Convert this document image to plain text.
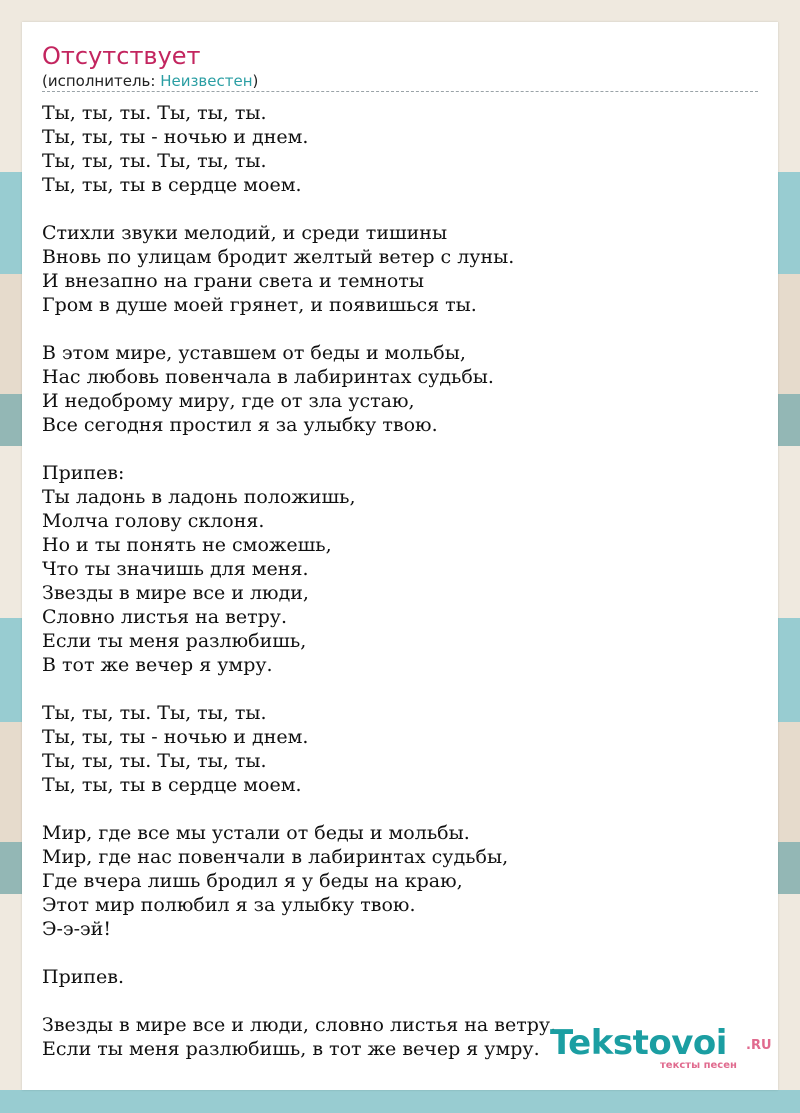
Отсутствует
(исполнитель: Неизвестен)
Ты, ты, ты. Ты, ты, ты.
Ты, ты, ты - ночью и днем.
Ты, ты, ты. Ты, ты, ты.
Ты, ты, ты в сердце моем.
Стихли звуки мелодий, и среди тишины
Вновь по улицам бродит желтый ветер с луны.
И внезапно на грани света и темноты
Гром в душе моей грянет, и появишься ты.
В этом мире, уставшем от беды и мольбы,
Нас любовь повенчала в лабиринтах судьбы.
И недоброму миру, где от зла устаю,
Все сегодня простил я за улыбку твою.
Припев:
Ты ладонь в ладонь положишь,
Молча голову склоня.
Но и ты понять не сможешь,
Что ты значишь для меня.
Звезды в мире все и люди,
Словно листья на ветру.
Если ты меня разлюбишь,
В тот же вечер я умру.
Ты, ты, ты. Ты, ты, ты.
Ты, ты, ты - ночью и днем.
Ты, ты, ты. Ты, ты, ты.
Ты, ты, ты в сердце моем.
Мир, где все мы устали от беды и мольбы.
Мир, где нас повенчали в лабиринтах судьбы,
Где вчера лишь бродил я у беды на краю,
Этот мир полюбил я за улыбку твою.
Э-э-эй!
Припев.
Звезды в мире все и люди, словно листья на ветру.
Если ты меня разлюбишь, в тот же вечер я умру. Tekstovoi .RU
тексты песен
